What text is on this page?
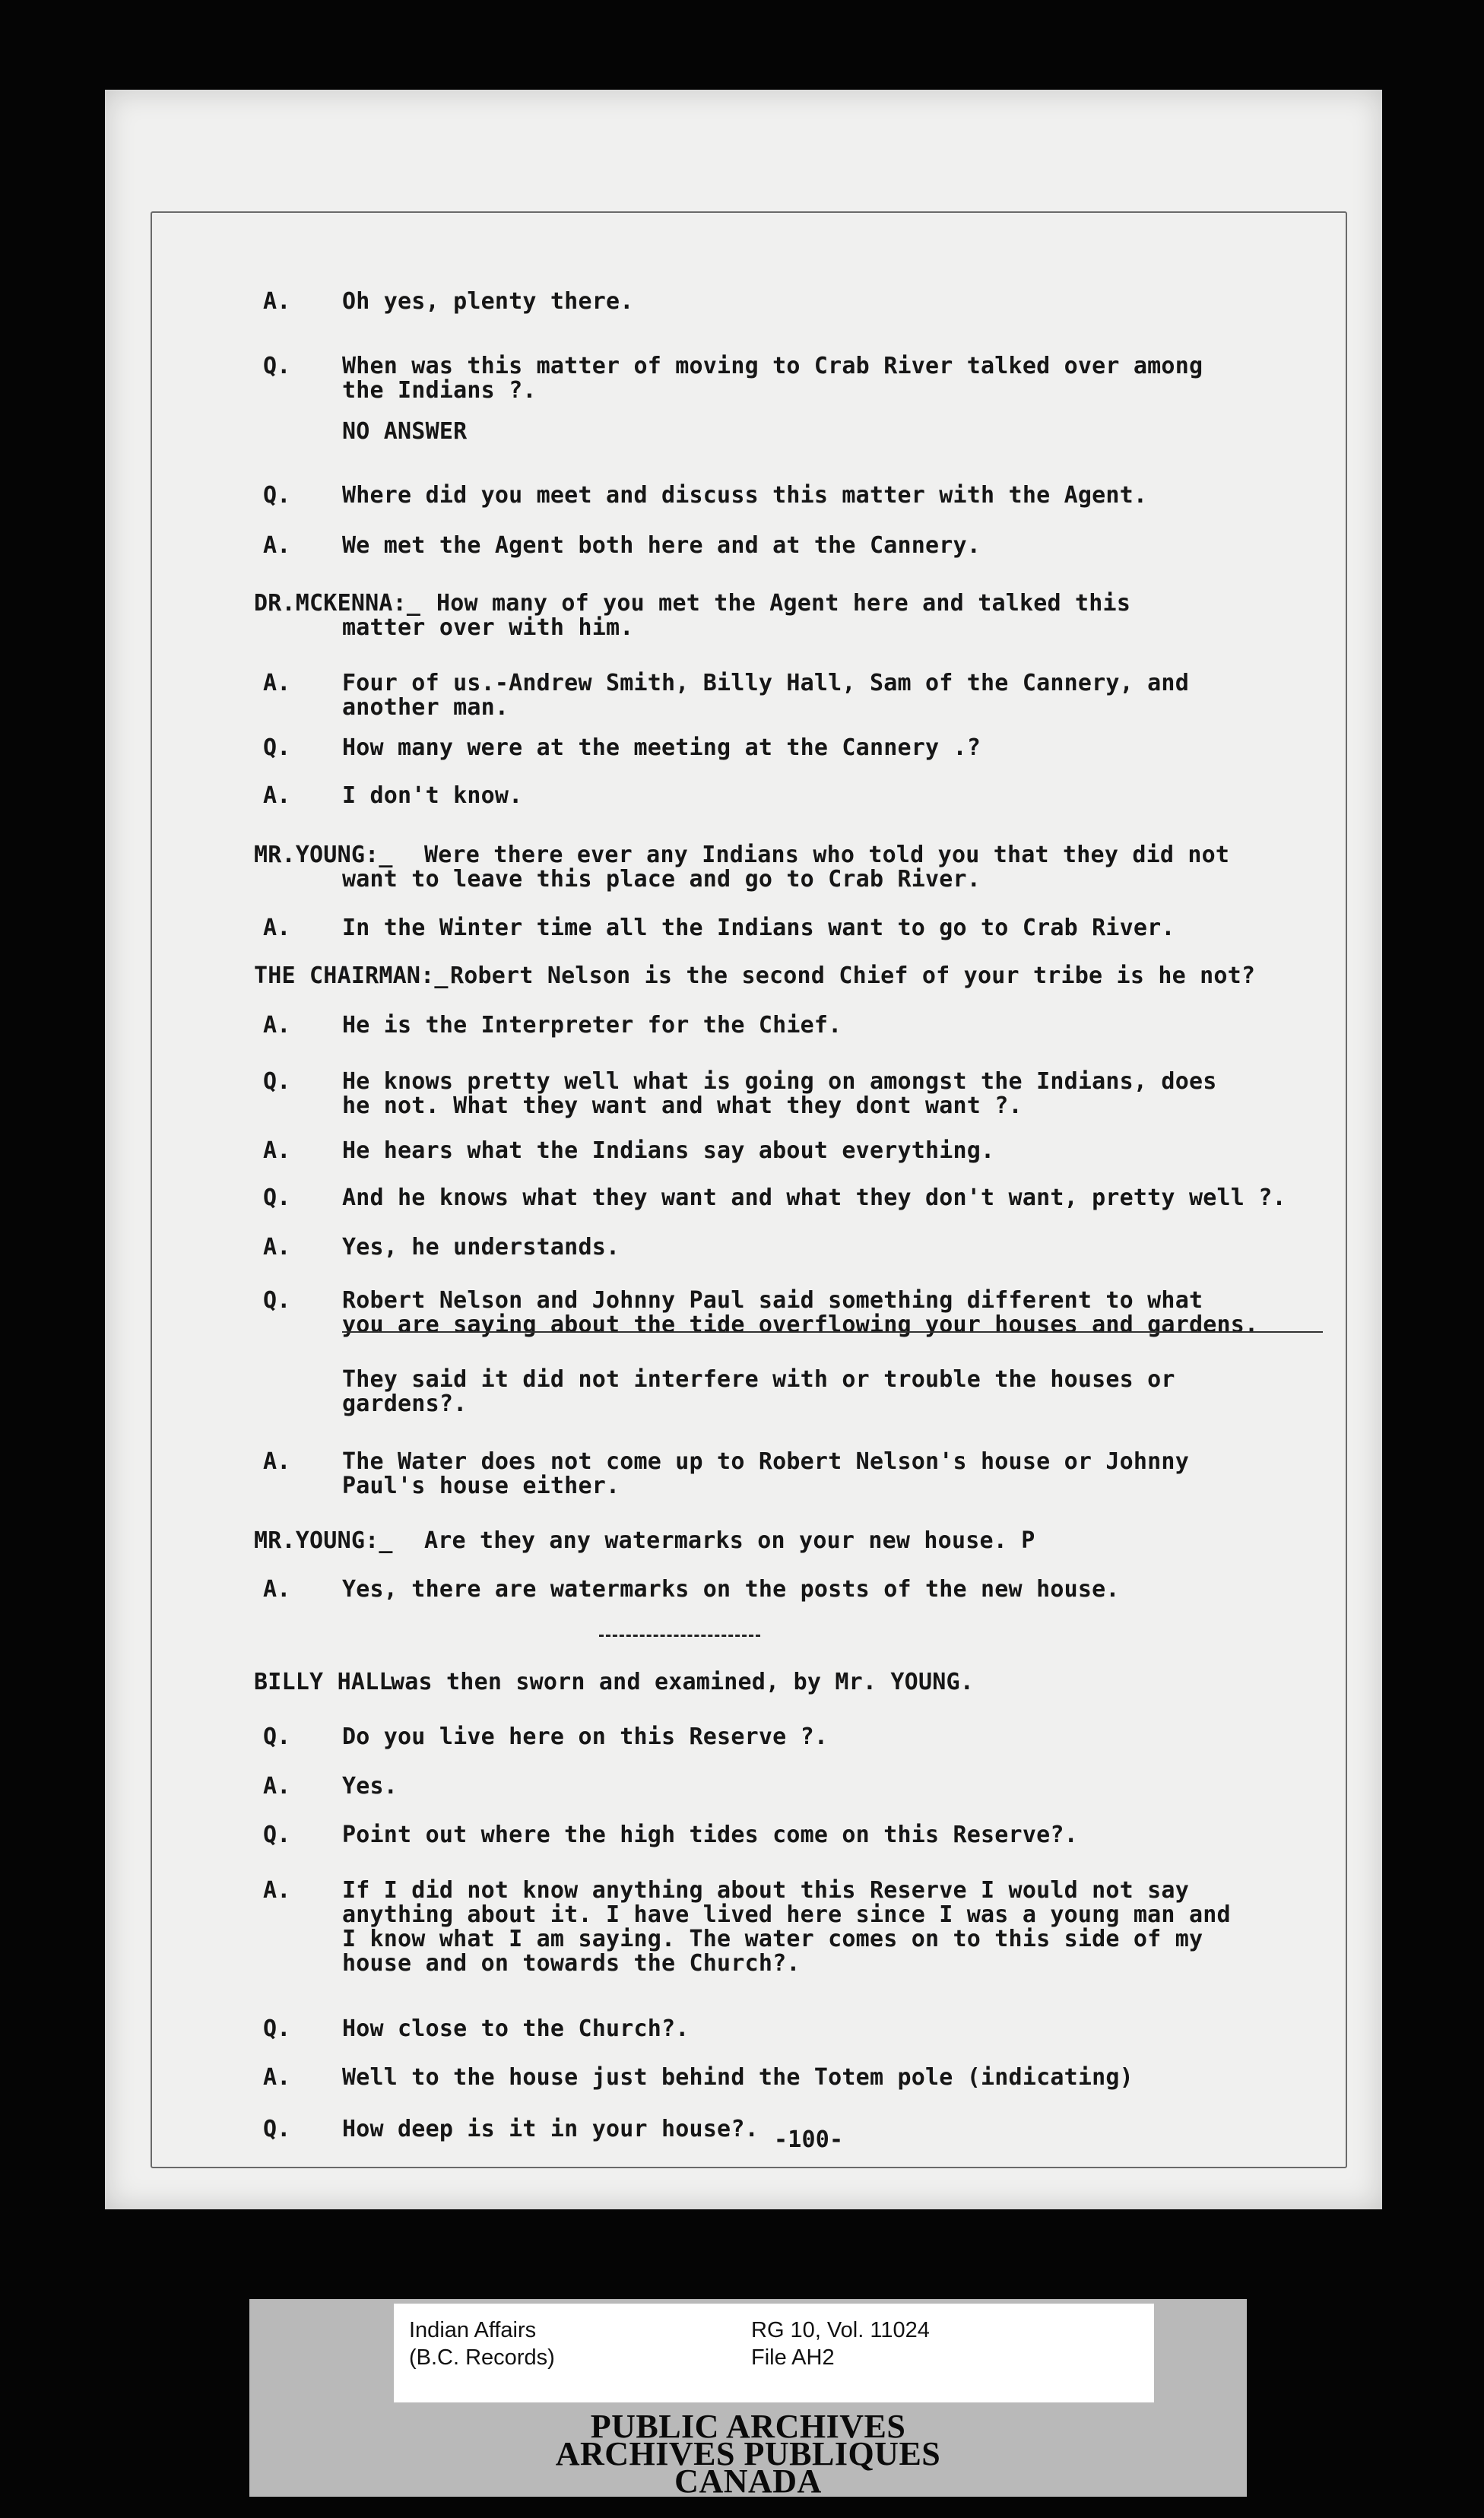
A. Oh yes, plenty there.
Q. When was this matter of moving to Crab River talked over among
the Indians ?.
NO ANSWER
Q. Where did you meet and discuss this matter with the Agent.
A. We met the Agent both here and at the Cannery.
DR.MCKENNA:_ How many of you met the Agent here and talked this
matter over with him.
A. Four of us.-Andrew Smith, Billy Hall, Sam of the Cannery, and
another man.
Q. How many were at the meeting at the Cannery .?
A. I don't know.
MR.YOUNG:_ Were there ever any Indians who told you that they did not
want to leave this place and go to Crab River.
A. In the Winter time all the Indians want to go to Crab River.
THE CHAIRMAN:_ Robert Nelson is the second Chief of your tribe is he not?
A. He is the Interpreter for the Chief.
Q. He knows pretty well what is going on amongst the Indians, does
he not. What they want and what they dont want ?.
A. He hears what the Indians say about everything.
Q. And he knows what they want and what they don't want, pretty well ?.
A. Yes, he understands.
Q. Robert Nelson and Johnny Paul said something different to what
you are saying about the tide overflowing your houses and gardens.
They said it did not interfere with or trouble the houses or
gardens?.
A. The Water does not come up to Robert Nelson's house or Johnny
Paul's house either.
MR.YOUNG:_ Are they any watermarks on your new house. P
A. Yes, there are watermarks on the posts of the new house.
BILLY HALL
was then sworn and examined, by Mr. YOUNG.
Q. Do you live here on this Reserve ?.
A. Yes.
Q. Point out where the high tides come on this Reserve?.
A. If I did not know anything about this Reserve I would not say
anything about it. I have lived here since I was a young man and
I know what I am saying. The water comes on to this side of my
house and on towards the Church?.
Q. How close to the Church?.
A. Well to the house just behind the Totem pole (indicating)
Q. How deep is it in your house?. -100-
Indian Affairs
(B.C. Records)
RG 10, Vol. 11024
File AH2
PUBLIC ARCHIVES
ARCHIVES PUBLIQUES
CANADA
